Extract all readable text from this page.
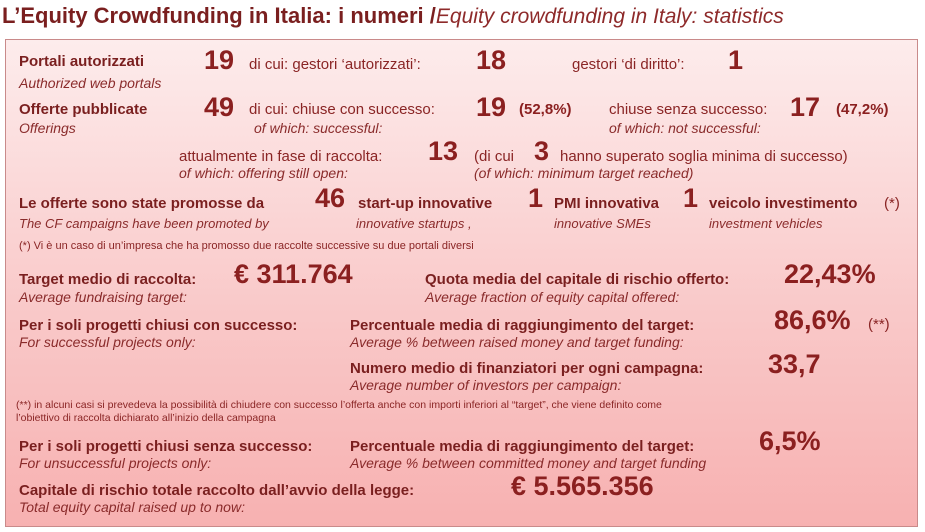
L’Equity Crowdfunding in Italia: i numeri /Equity crowdfunding in Italy: statistics
Portali autorizzati
Authorized web portals
19 di cui: gestori ‘autorizzati’: 18	gestori ‘di diritto’: 1
Offerte pubblicate
Offerings
49 di cui: chiuse con successo:
of which: successful:
19 (52,8%) chiuse senza successo:
of which: not successful:
17 (47,2%)
attualmente in fase di raccolta:
of which: offering still open:
13 (di cui 3 hanno superato soglia minima di successo)
(of which: minimum target reached)
Le offerte sono state promosse da
The CF campaigns have been promoted by
46 start-up innovative
innovative startups ,
1 PMI innovativa
innovative SMEs
1 veicolo investimento (*)
investment vehicles
(*) Vi è un caso di un’impresa che ha promosso due raccolte successive su due portali diversi
Target medio di raccolta:
Average fundraising target:
€ 311.764	Quota media del capitale di rischio offerto:
Average fraction of equity capital offered:
22,43%
Per i soli progetti chiusi con successo:
For successful projects only:
Percentuale media di raggiungimento del target:
Average % between raised money and target funding:
86,6% (**)
Numero medio di finanziatori per ogni campagna:
Average number of investors per campaign:
33,7
(**) in alcuni casi si prevedeva la possibilità di chiudere con successo l’offerta anche con importi inferiori al “target”, che viene definito come
l’obiettivo di raccolta dichiarato all’inizio della campagna
Per i soli progetti chiusi senza successo:
For unsuccessful projects only:
Percentuale media di raggiungimento del target:
Average % between committed money and target funding
6,5%
Capitale di rischio totale raccolto dall’avvio della legge:
Total equity capital raised up to now:
€ 5.565.356
